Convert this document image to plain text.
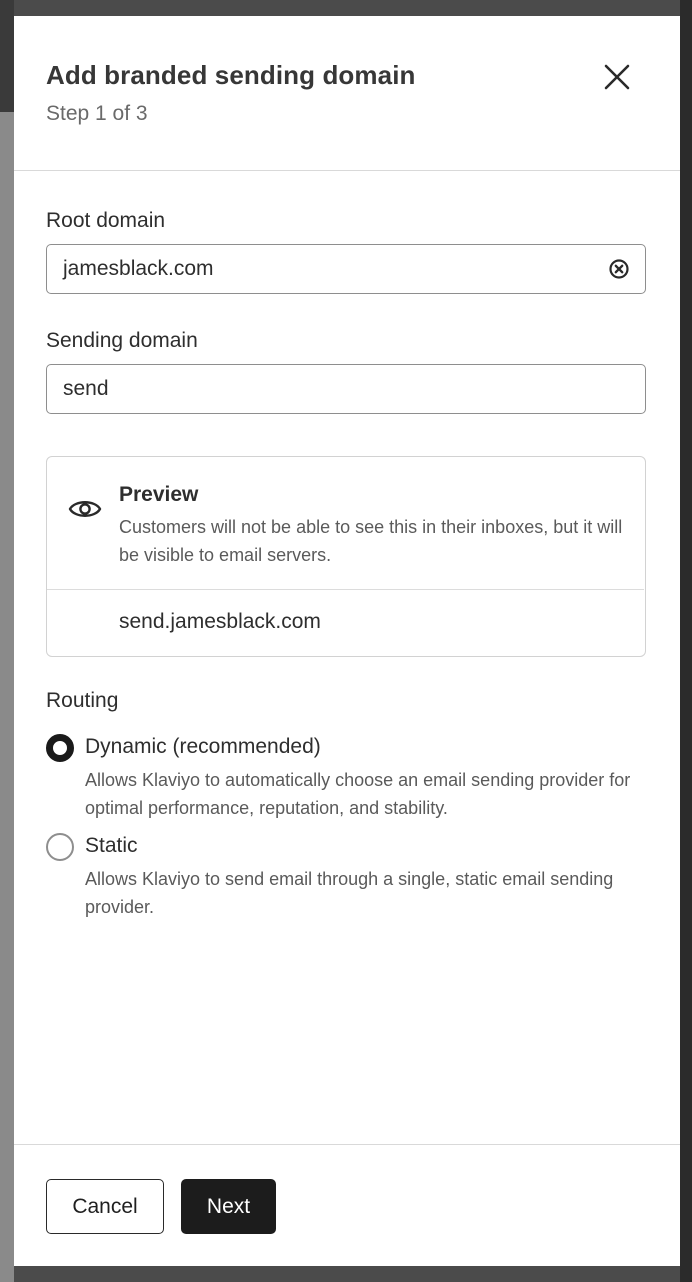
Add branded sending domain
Step 1 of 3
Root domain
jamesblack.com
Sending domain
send
Preview
Customers will not be able to see this in their inboxes, but it will be visible to email servers.
send.jamesblack.com
Routing
Dynamic (recommended)
Allows Klaviyo to automatically choose an email sending provider for optimal performance, reputation, and stability.
Static
Allows Klaviyo to send email through a single, static email sending provider.
Cancel	Next
